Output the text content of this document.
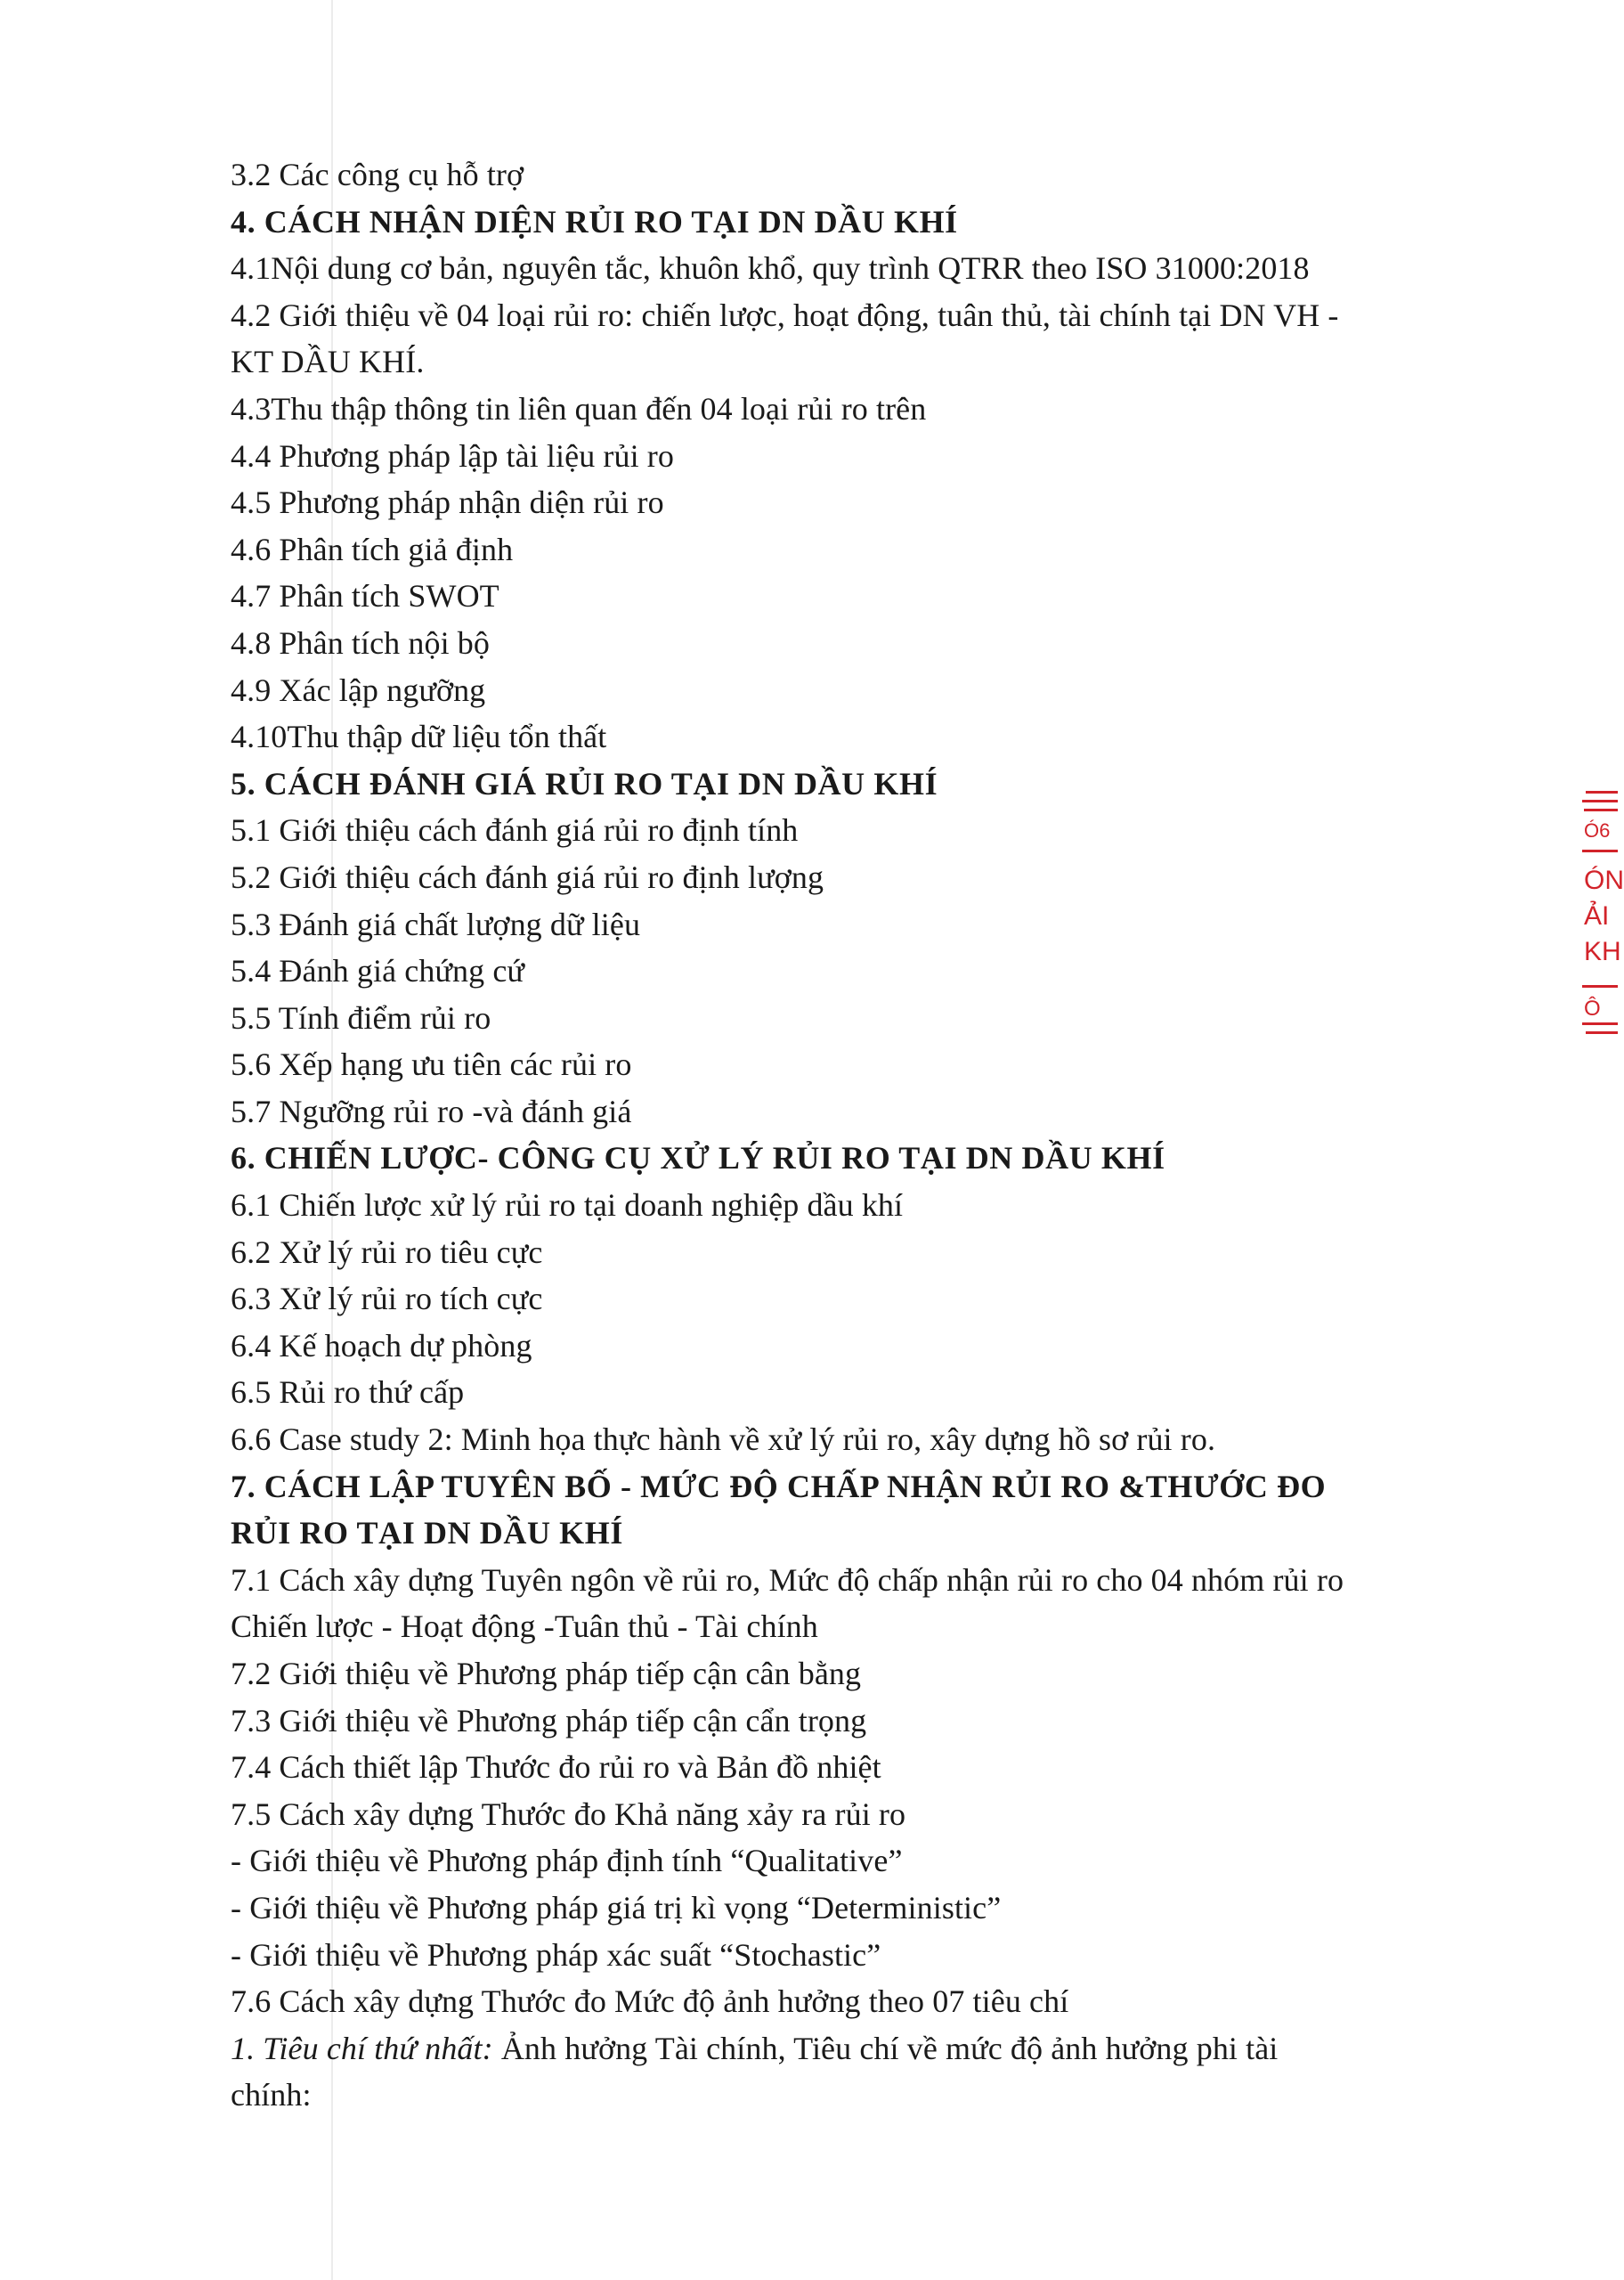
3.2 Các công cụ hỗ trợ
4. CÁCH NHẬN DIỆN RỦI RO TẠI DN DẦU KHÍ
4.1Nội dung cơ bản, nguyên tắc, khuôn khổ, quy trình QTRR theo ISO 31000:2018
4.2 Giới thiệu về 04 loại rủi ro: chiến lược, hoạt động, tuân thủ, tài chính tại DN VH -
KT DẦU KHÍ.
4.3Thu thập thông tin liên quan đến 04 loại rủi ro trên
4.4 Phương pháp lập tài liệu rủi ro
4.5 Phương pháp nhận diện rủi ro
4.6 Phân tích giả định
4.7 Phân tích SWOT
4.8 Phân tích nội bộ
4.9 Xác lập ngưỡng
4.10Thu thập dữ liệu tổn thất
5. CÁCH ĐÁNH GIÁ RỦI RO TẠI DN DẦU KHÍ
5.1 Giới thiệu cách đánh giá rủi ro định tính
5.2 Giới thiệu cách đánh giá rủi ro định lượng
5.3 Đánh giá chất lượng dữ liệu
5.4 Đánh giá chứng cứ
5.5 Tính điểm rủi ro
5.6 Xếp hạng ưu tiên các rủi ro
5.7 Ngưỡng rủi ro -và đánh giá
6. CHIẾN LƯỢC- CÔNG CỤ XỬ LÝ RỦI RO TẠI DN DẦU KHÍ
6.1 Chiến lược xử lý rủi ro tại doanh nghiệp dầu khí
6.2 Xử lý rủi ro tiêu cực
6.3 Xử lý rủi ro tích cực
6.4 Kế hoạch dự phòng
6.5 Rủi ro thứ cấp
6.6 Case study 2: Minh họa thực hành về xử lý rủi ro, xây dựng hồ sơ rủi ro.
7. CÁCH LẬP TUYÊN BỐ - MỨC ĐỘ CHẤP NHẬN RỦI RO &THƯỚC ĐO
RỦI RO TẠI DN DẦU KHÍ
7.1 Cách xây dựng Tuyên ngôn về rủi ro, Mức độ chấp nhận rủi ro cho 04 nhóm rủi ro
Chiến lược - Hoạt động -Tuân thủ - Tài chính
7.2 Giới thiệu về Phương pháp tiếp cận cân bằng
7.3 Giới thiệu về Phương pháp tiếp cận cẩn trọng
7.4 Cách thiết lập Thước đo rủi ro và Bản đồ nhiệt
7.5 Cách xây dựng Thước đo Khả năng xảy ra rủi ro
- Giới thiệu về Phương pháp định tính “Qualitative”
- Giới thiệu về Phương pháp giá trị kì vọng “Deterministic”
- Giới thiệu về Phương pháp xác suất “Stochastic”
7.6 Cách xây dựng Thước đo Mức độ ảnh hưởng theo 07 tiêu chí
1. Tiêu chí thứ nhất: Ảnh hưởng Tài chính, Tiêu chí về mức độ ảnh hưởng phi tài
chính:
Ó6
ÓN
ẢI
KH
Ô
